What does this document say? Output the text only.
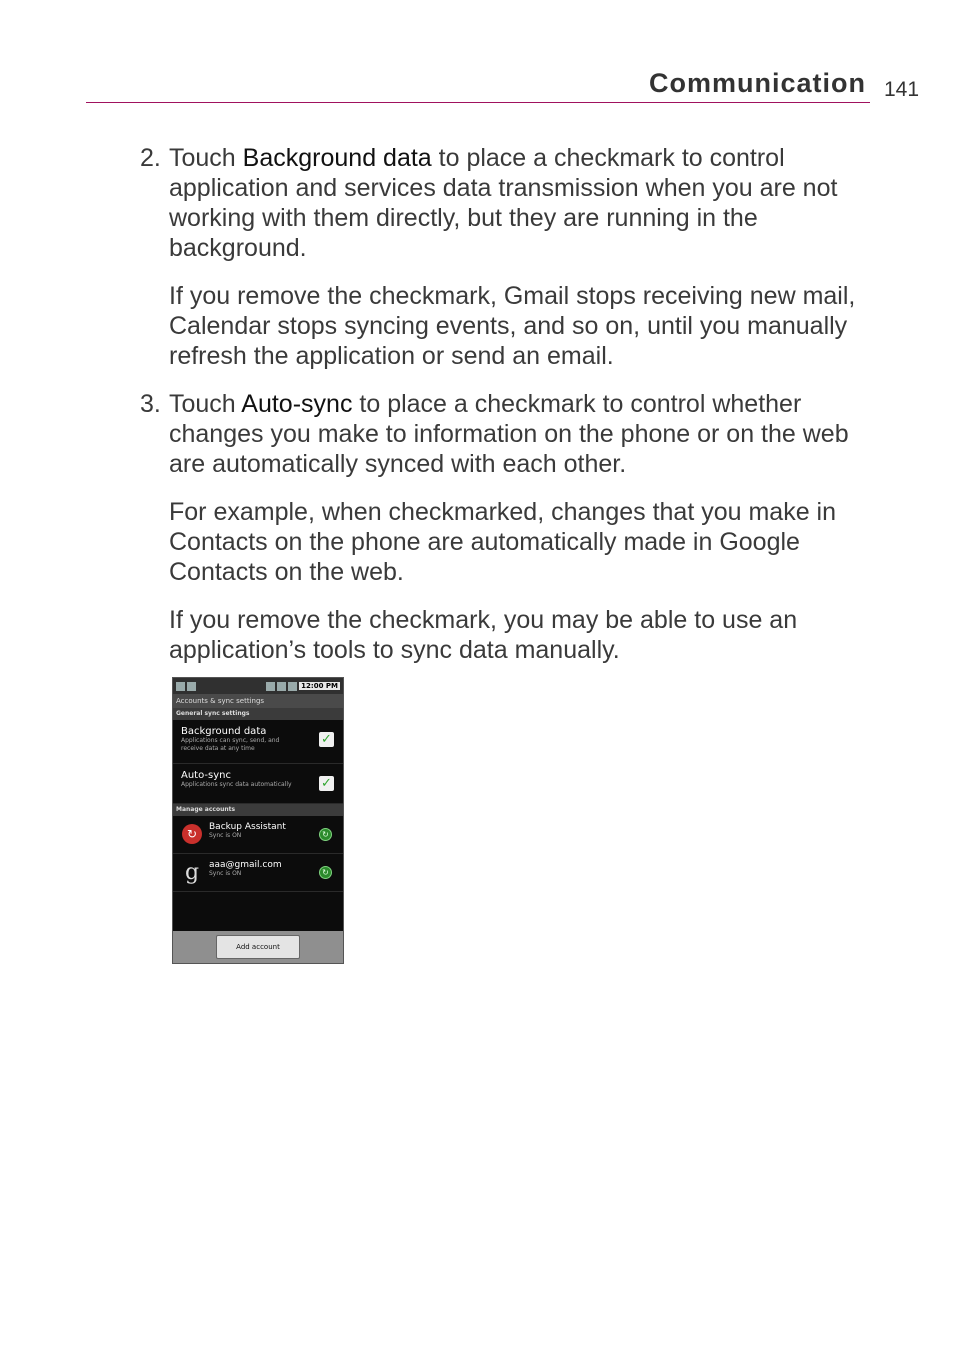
Communication 141
2. Touch Background data to place a checkmark to control application and services data transmission when you are not working with them directly, but they are running in the background.

If you remove the checkmark, Gmail stops receiving new mail, Calendar stops syncing events, and so on, until you manually refresh the application or send an email.

3. Touch Auto-sync to place a checkmark to control whether changes you make to information on the phone or on the web are automatically synced with each other.

For example, when checkmarked, changes that you make in Contacts on the phone are automatically made in Google Contacts on the web.

If you remove the checkmark, you may be able to use an application’s tools to sync data manually.

12:00 PM
Accounts & sync settings
General sync settings
Background data
Applications can sync, send, and receive data at any time
✓
Auto-sync
Applications sync data automatically	✓
Manage accounts
↻	Backup Assistant
Sync is ON	↻
g	aaa@gmail.com
Sync is ON	↻
Add account
